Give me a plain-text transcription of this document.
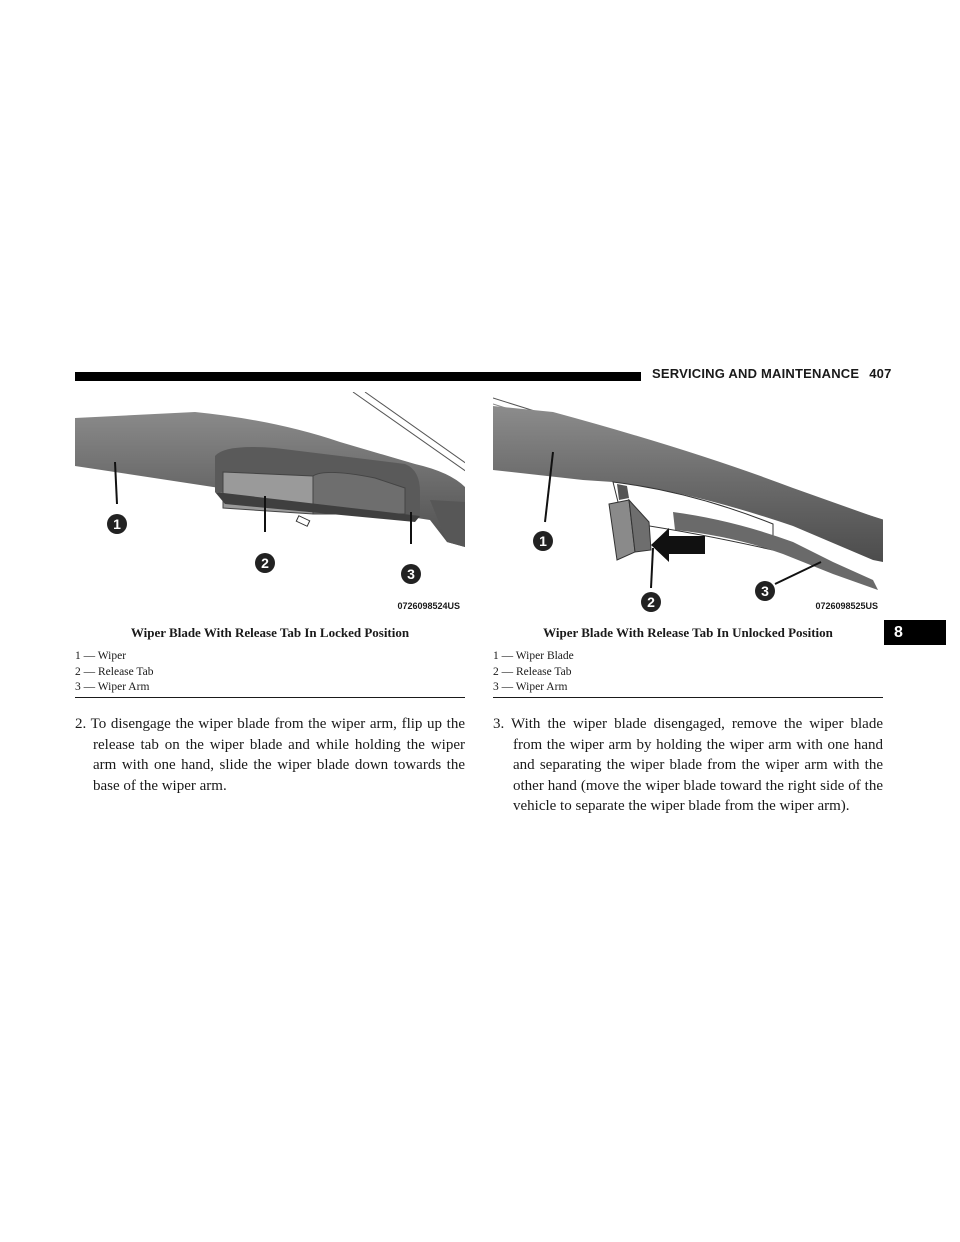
SERVICING AND MAINTENANCE 407
8
1
2
3
0726098524US
1
2
3
0726098525US
Wiper Blade With Release Tab In Locked Position	Wiper Blade With Release Tab In Unlocked Position
1 — Wiper
2 — Release Tab
3 — Wiper Arm
1 — Wiper Blade
2 — Release Tab
3 — Wiper Arm

2. To disengage the wiper blade from the wiper arm, flip up the release tab on the wiper blade and while holding the wiper arm with one hand, slide the wiper blade down towards the base of the wiper arm.

3. With the wiper blade disengaged, remove the wiper blade from the wiper arm by holding the wiper arm with one hand and separating the wiper blade from the wiper arm with the other hand (move the wiper blade toward the right side of the vehicle to separate the wiper blade from the wiper arm).
